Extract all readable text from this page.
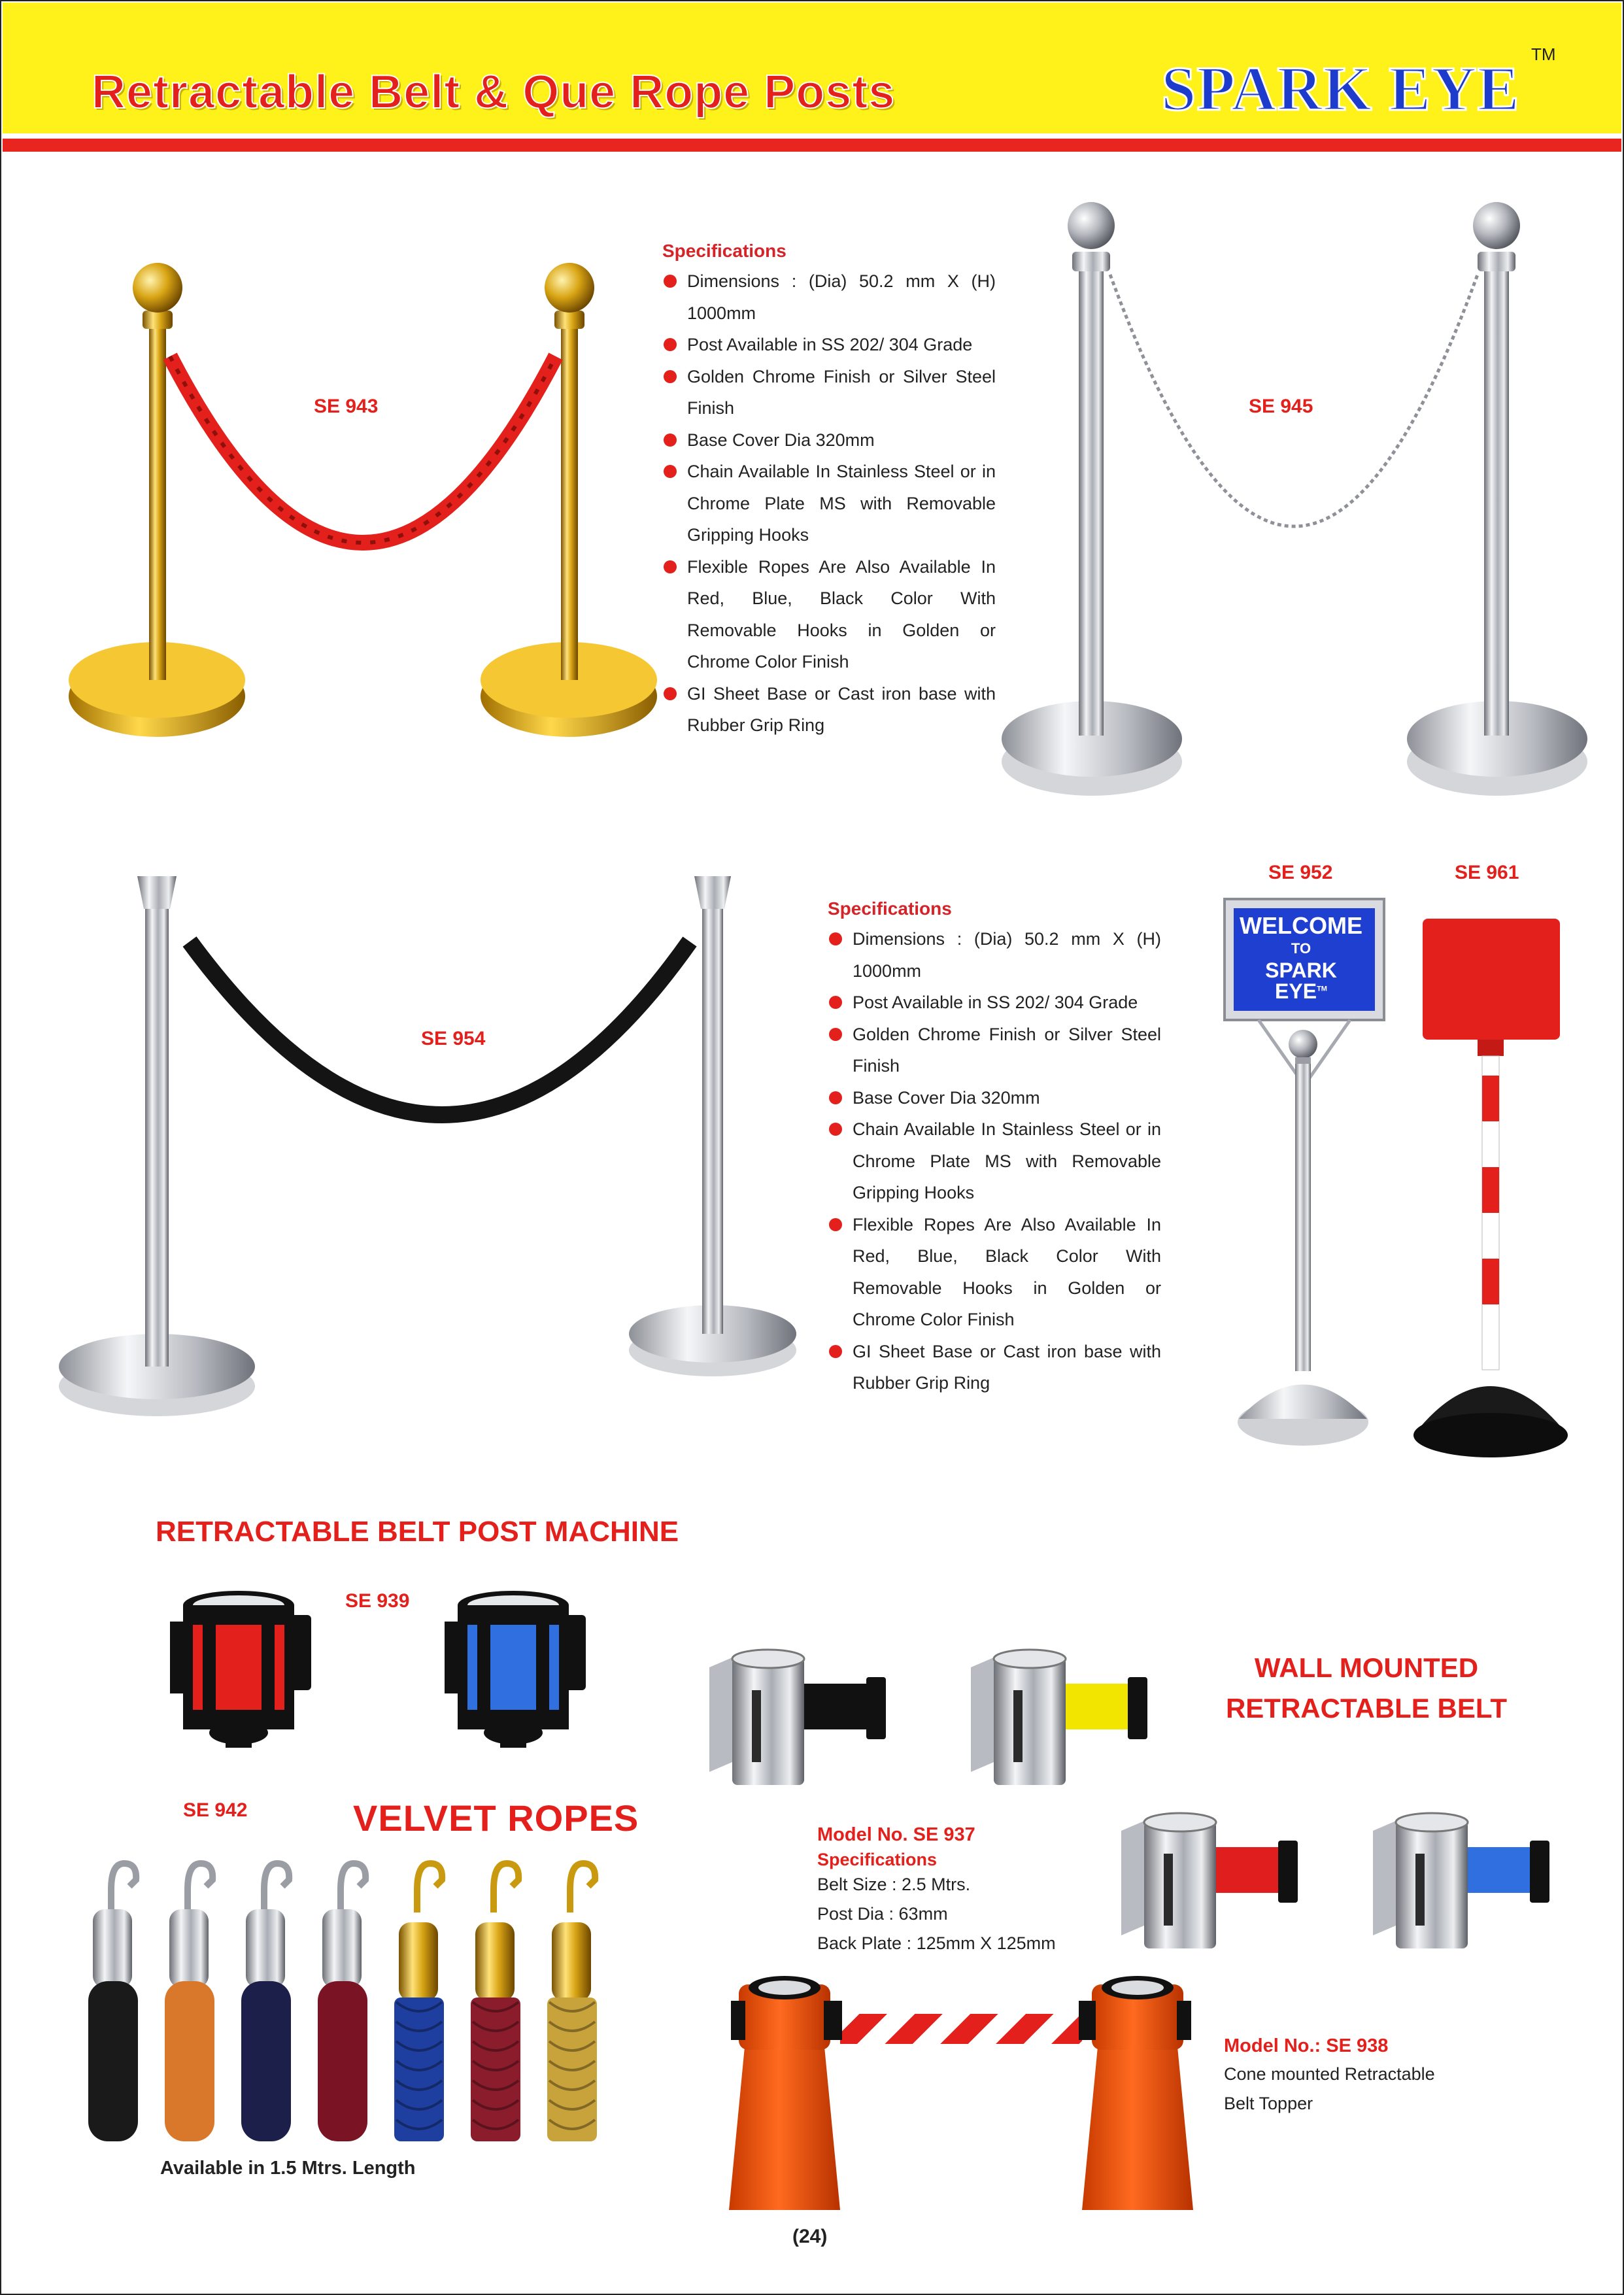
Retractable Belt & Que Rope Posts	SPARK EYE TM
SE 943
Specifications
Dimensions : (Dia) 50.2 mm X (H) 1000mm
Post Available in SS 202/ 304 Grade
Golden Chrome Finish or Silver Steel Finish
Base Cover Dia 320mm
Chain Available In Stainless Steel or in Chrome Plate MS with Removable Gripping Hooks
Flexible Ropes Are Also Available In Red, Blue, Black Color With Removable Hooks in Golden or Chrome Color Finish
GI Sheet Base or Cast iron base with Rubber Grip Ring
SE 945
SE 954
Specifications
Dimensions : (Dia) 50.2 mm X (H) 1000mm
Post Available in SS 202/ 304 Grade
Golden Chrome Finish or Silver Steel Finish
Base Cover Dia 320mm
Chain Available In Stainless Steel or in Chrome Plate MS with Removable Gripping Hooks
Flexible Ropes Are Also Available In Red, Blue, Black Color With Removable Hooks in Golden or Chrome Color Finish
GI Sheet Base or Cast iron base with Rubber Grip Ring
SE 952	SE 961
WELCOME
TO
SPARK EYE™
RETRACTABLE BELT POST MACHINE
SE 939
SE 942	VELVET ROPES
Available in 1.5 Mtrs. Length
WALL MOUNTED
RETRACTABLE BELT
Model No. SE 937
Specifications
Belt Size : 2.5 Mtrs.
Post Dia : 63mm
Back Plate : 125mm X 125mm
Model No.: SE 938
Cone mounted Retractable
Belt Topper
(24)
